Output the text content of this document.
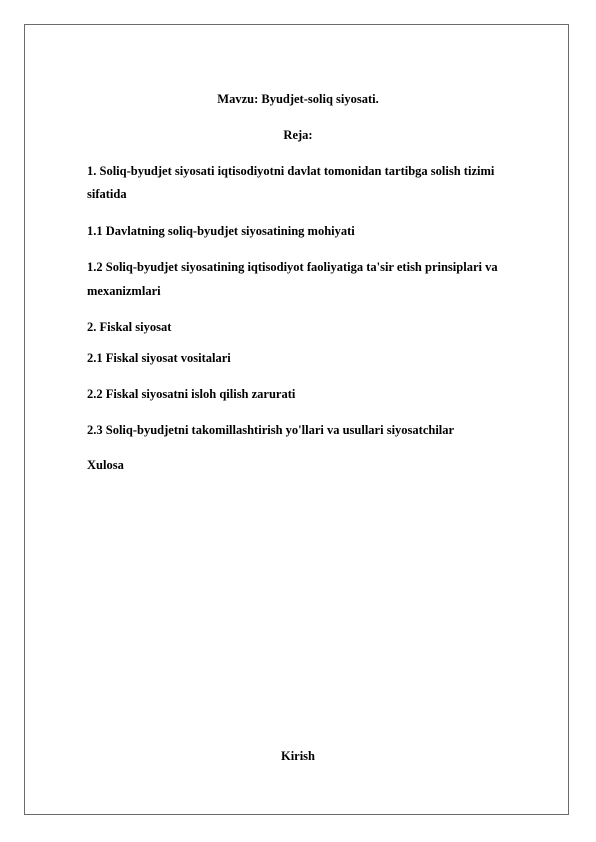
Mavzu: Byudjet-soliq siyosati.
Reja:
1. Soliq-byudjet siyosati iqtisodiyotni davlat tomonidan tartibga solish tizimi
sifatida
1.1 Davlatning soliq-byudjet siyosatining mohiyati
1.2 Soliq-byudjet siyosatining iqtisodiyot faoliyatiga ta'sir etish prinsiplari va
mexanizmlari
2. Fiskal siyosat
2.1 Fiskal siyosat vositalari
2.2 Fiskal siyosatni isloh qilish zarurati
2.3 Soliq-byudjetni takomillashtirish yo'llari va usullari siyosatchilar
Xulosa
Kirish
